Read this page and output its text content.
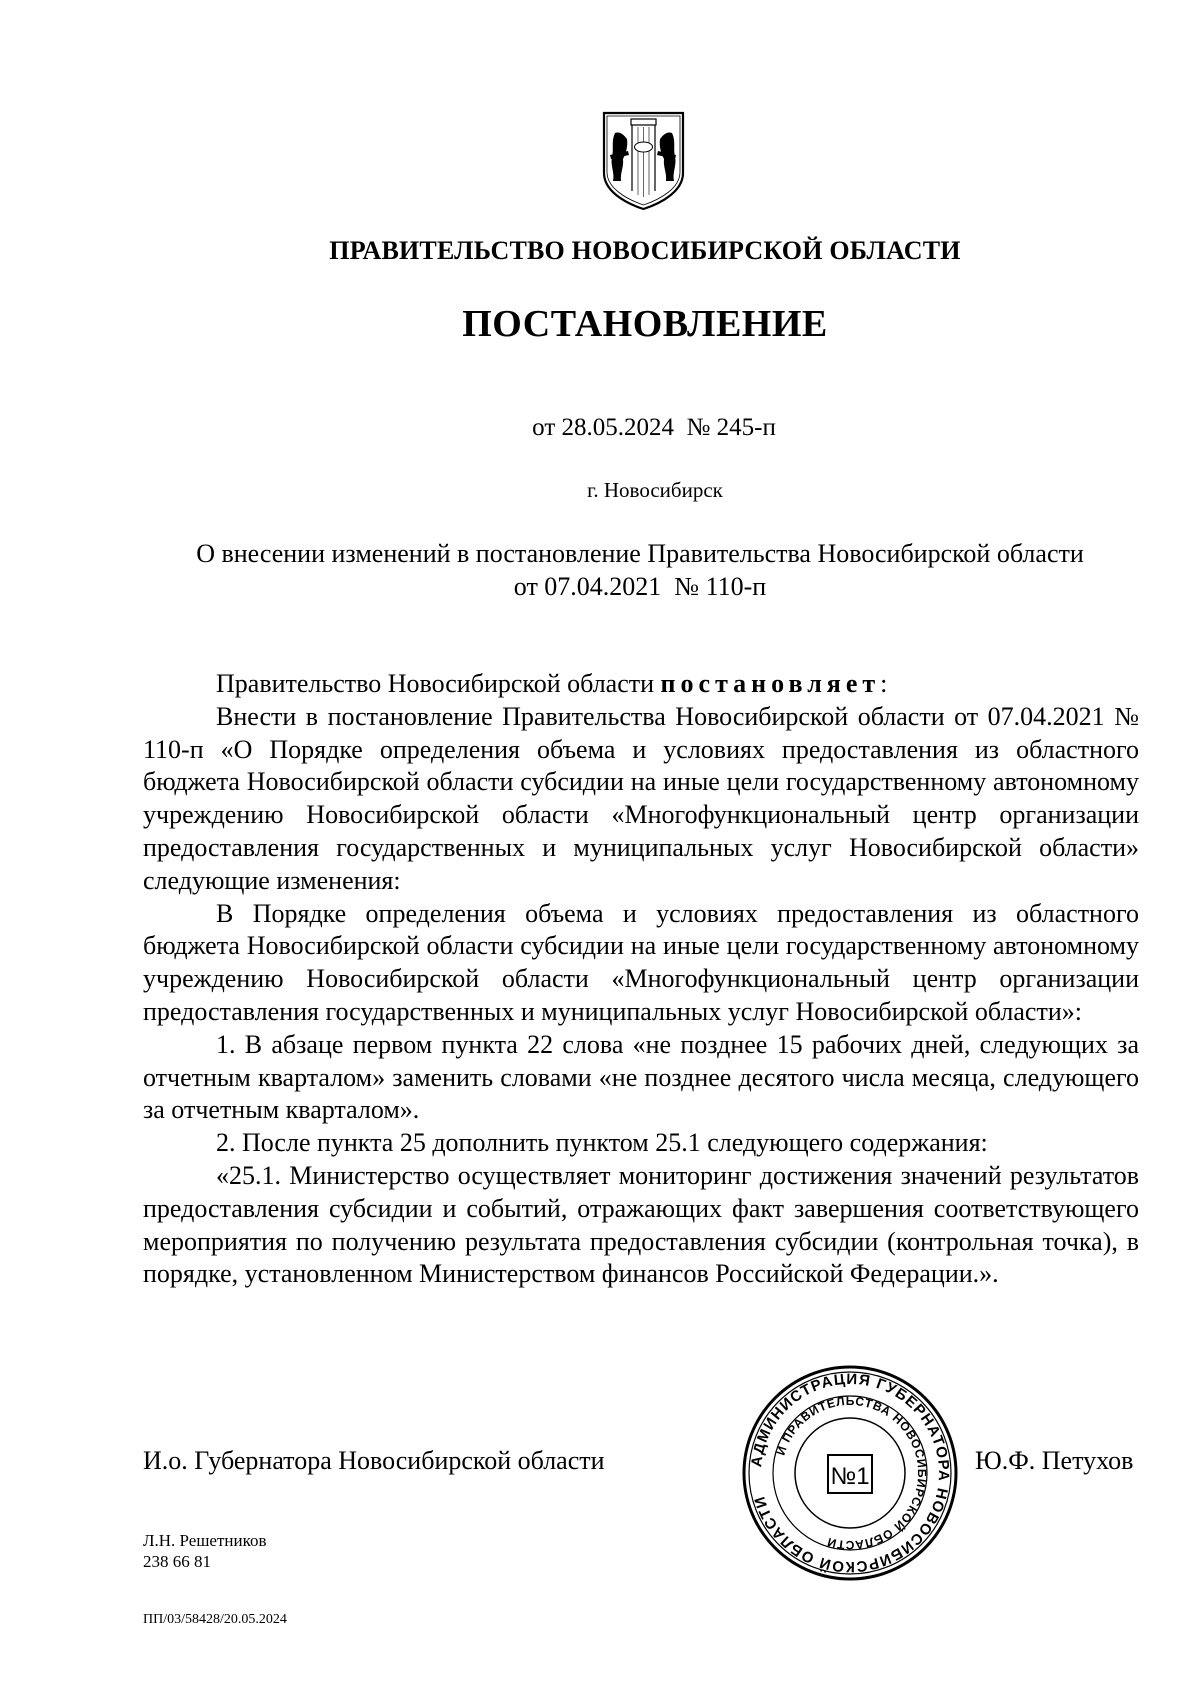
ПРАВИТЕЛЬСТВО НОВОСИБИРСКОЙ ОБЛАСТИ
ПОСТАНОВЛЕНИЕ
от 28.05.2024  № 245-п
г. Новосибирск
О внесении изменений в постановление Правительства Новосибирской области
от 07.04.2021  № 110-п

Правительство Новосибирской области постановляет:

Внести в постановление Правительства Новосибирской области от 07.04.2021 № 110-п «О Порядке определения объема и условиях предоставления из областного бюджета Новосибирской области субсидии на иные цели государственному автономному учреждению Новосибирской области «Многофункциональный центр организации предоставления государственных и муниципальных услуг Новосибирской области» следующие изменения:

В Порядке определения объема и условиях предоставления из областного бюджета Новосибирской области субсидии на иные цели государственному автономному учреждению Новосибирской области «Многофункциональный центр организации предоставления государственных и муниципальных услуг Новосибирской области»:

1. В абзаце первом пункта 22 слова «не позднее 15 рабочих дней, следующих за отчетным кварталом» заменить словами «не позднее десятого числа месяца, следующего за отчетным кварталом».

2. После пункта 25 дополнить пунктом 25.1 следующего содержания:

«25.1. Министерство осуществляет мониторинг достижения значений результатов предоставления субсидии и событий, отражающих факт завершения соответствующего мероприятия по получению результата предоставления субсидии (контрольная точка), в порядке, установленном Министерством финансов Российской Федерации.».

И.о. Губернатора Новосибирской области	АДМИНИСТРАЦИЯ ГУБЕРНАТОРА НОВОСИБИРСКОЙ ОБЛАСТИ
И ПРАВИТЕЛЬСТВА НОВОСИБИРСКОЙ ОБЛАСТИ
№1
Ю.Ф. Петухов
Л.Н. Решетников
238 66 81
ПП/03/58428/20.05.2024
